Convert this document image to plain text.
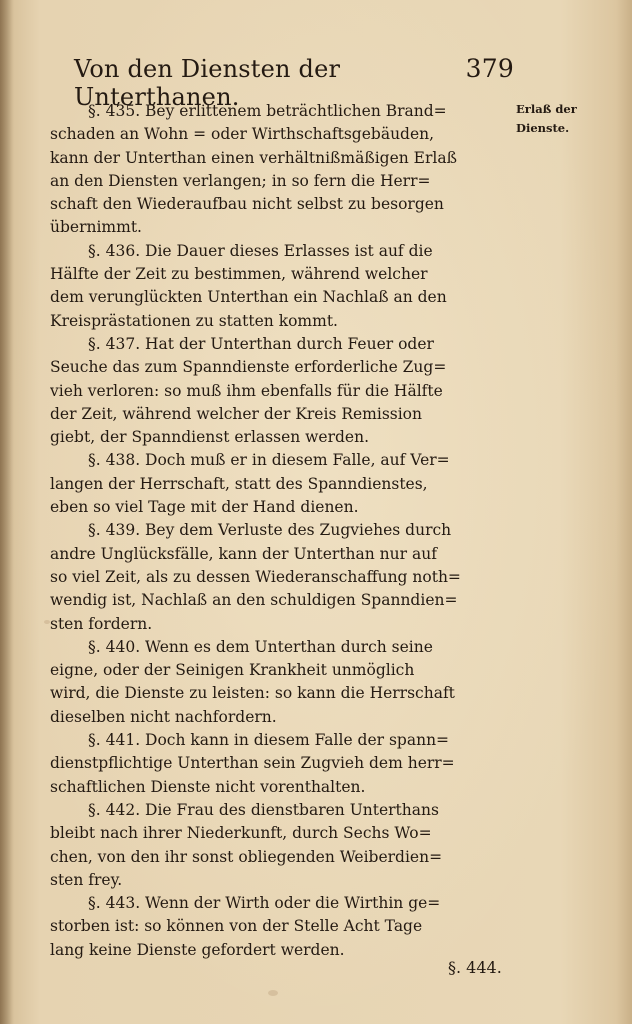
Von den Diensten der Unterthanen.
379
Erlaß der
Dienste.

§. 435. Bey erlittenem beträchtlichen Brand=
schaden an Wohn = oder Wirthschaftsgebäuden,
kann der Unterthan einen verhältnißmäßigen Erlaß
an den Diensten verlangen; in so fern die Herr=
schaft den Wiederaufbau nicht selbst zu besorgen
übernimmt.

§. 436. Die Dauer dieses Erlasses ist auf die
Hälfte der Zeit zu bestimmen, während welcher
dem verunglückten Unterthan ein Nachlaß an den
Kreisprästationen zu statten kommt.

§. 437. Hat der Unterthan durch Feuer oder
Seuche das zum Spanndienste erforderliche Zug=
vieh verloren: so muß ihm ebenfalls für die Hälfte
der Zeit, während welcher der Kreis Remission
giebt, der Spanndienst erlassen werden.

§. 438. Doch muß er in diesem Falle, auf Ver=
langen der Herrschaft, statt des Spanndienstes,
eben so viel Tage mit der Hand dienen.

§. 439. Bey dem Verluste des Zugviehes durch
andre Unglücksfälle, kann der Unterthan nur auf
so viel Zeit, als zu dessen Wiederanschaffung noth=
wendig ist, Nachlaß an den schuldigen Spanndien=
sten fordern.

§. 440. Wenn es dem Unterthan durch seine
eigne, oder der Seinigen Krankheit unmöglich
wird, die Dienste zu leisten: so kann die Herrschaft
dieselben nicht nachfordern.

§. 441. Doch kann in diesem Falle der spann=
dienstpflichtige Unterthan sein Zugvieh dem herr=
schaftlichen Dienste nicht vorenthalten.

§. 442. Die Frau des dienstbaren Unterthans
bleibt nach ihrer Niederkunft, durch Sechs Wo=
chen, von den ihr sonst obliegenden Weiberdien=
sten frey.

§. 443. Wenn der Wirth oder die Wirthin ge=
storben ist: so können von der Stelle Acht Tage
lang keine Dienste gefordert werden.

§. 444.
